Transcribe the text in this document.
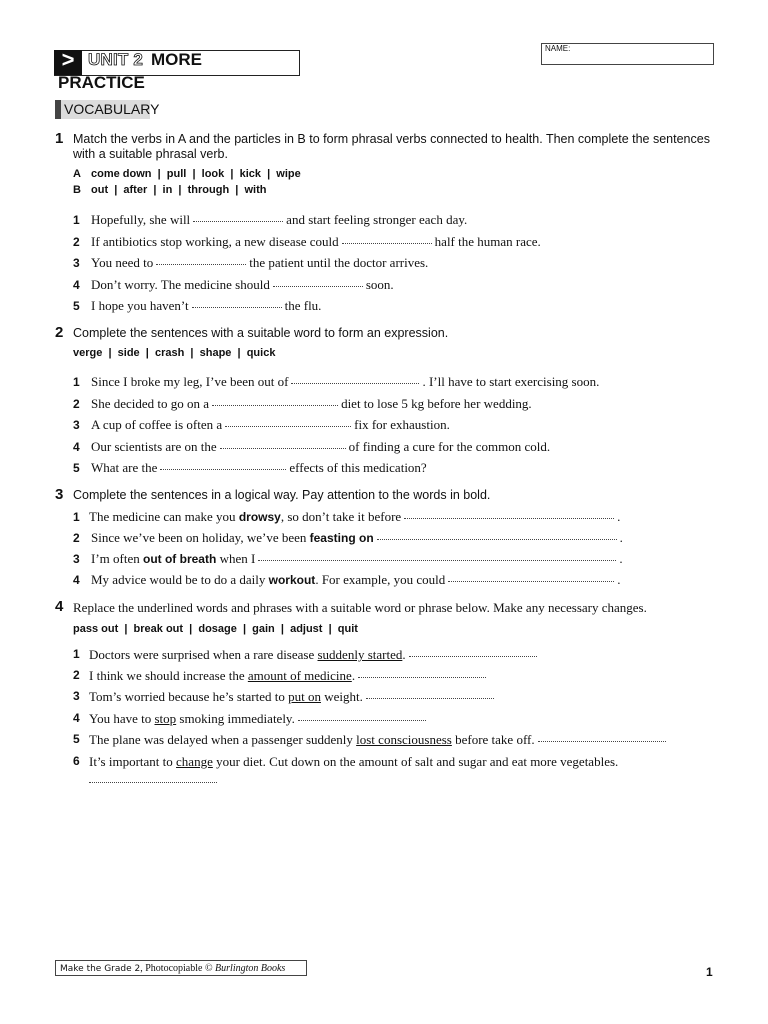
> UNIT 2 MORE
PRACTICE
NAME:
VOCABULARY
1 Match the verbs in A and the particles in B to form phrasal verbs connected to health. Then complete the sentences with a suitable phrasal verb.
A come down  |  pull  |  look  |  kick  |  wipe
B out  |  after  |  in  |  through  |  with
1 Hopefully, she will	and start feeling stronger each day.
2 If antibiotics stop working, a new disease could	half the human race.
3 You need to	the patient until the doctor arrives.
4 Don’t worry. The medicine should	soon.
5 I hope you haven’t	the flu.
2 Complete the sentences with a suitable word to form an expression.
verge  |  side  |  crash  |  shape  |  quick
1 Since I broke my leg, I’ve been out of	. I’ll have to start exercising soon.
2 She decided to go on a	diet to lose 5 kg before her wedding.
3 A cup of coffee is often a	fix for exhaustion.
4 Our scientists are on the	of finding a cure for the common cold.
5 What are the	effects of this medication?
3 Complete the sentences in a logical way. Pay attention to the words in bold.
1 The medicine can make you drowsy, so don’t take it before	.
2 Since we’ve been on holiday, we’ve been feasting on	.
3 I’m often out of breath when I	.
4 My advice would be to do a daily workout. For example, you could	.
4 Replace the underlined words and phrases with a suitable word or phrase below. Make any necessary changes.
pass out  |  break out  |  dosage  |  gain  |  adjust  |  quit
1 Doctors were surprised when a rare disease suddenly started.
2 I think we should increase the amount of medicine.
3 Tom’s worried because he’s started to put on weight.
4 You have to stop smoking immediately.
5 The plane was delayed when a passenger suddenly lost consciousness before take off.
6 It’s important to change your diet. Cut down on the amount of salt and sugar and eat more vegetables.
Make the Grade 2, Photocopiable © Burlington Books	1
